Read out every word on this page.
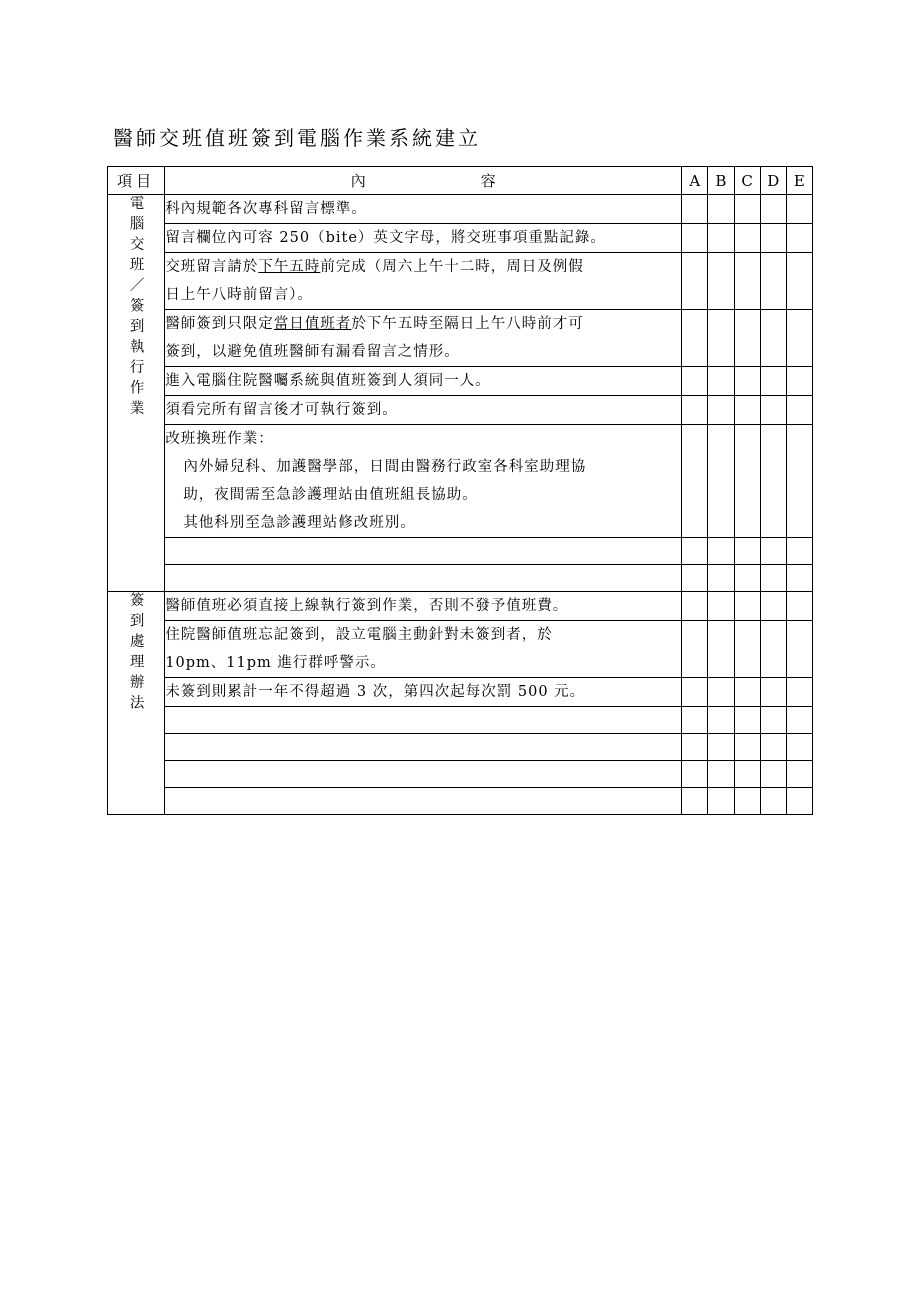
醫師交班值班簽到電腦作業系統建立
項目	內 容	A	B	C	D	E
電腦交班／簽到執行作業	科內規範各次專科留言標準。					

	留言欄位內可容 250（bite）英文字母，將交班事項重點記錄。					

	交班留言請於下午五時前完成（周六上午十二時，周日及例假
日上午八時前留言）。					

	醫師簽到只限定當日值班者於下午五時至隔日上午八時前才可
簽到，以避免值班醫師有漏看留言之情形。					

	進入電腦住院醫囑系統與值班簽到人須同一人。					

	須看完所有留言後才可執行簽到。					

	改班換班作業：
內外婦兒科、加護醫學部，日間由醫務行政室各科室助理協
助，夜間需至急診護理站由值班組長協助。
其他科別至急診護理站修改班別。					

簽到處理辦法	醫師值班必須直接上線執行簽到作業，否則不發予值班費。					

	住院醫師值班忘記簽到，設立電腦主動針對未簽到者，於
10pm、11pm 進行群呼警示。					

	未簽到則累計一年不得超過 3 次，第四次起每次罰 500 元。					
